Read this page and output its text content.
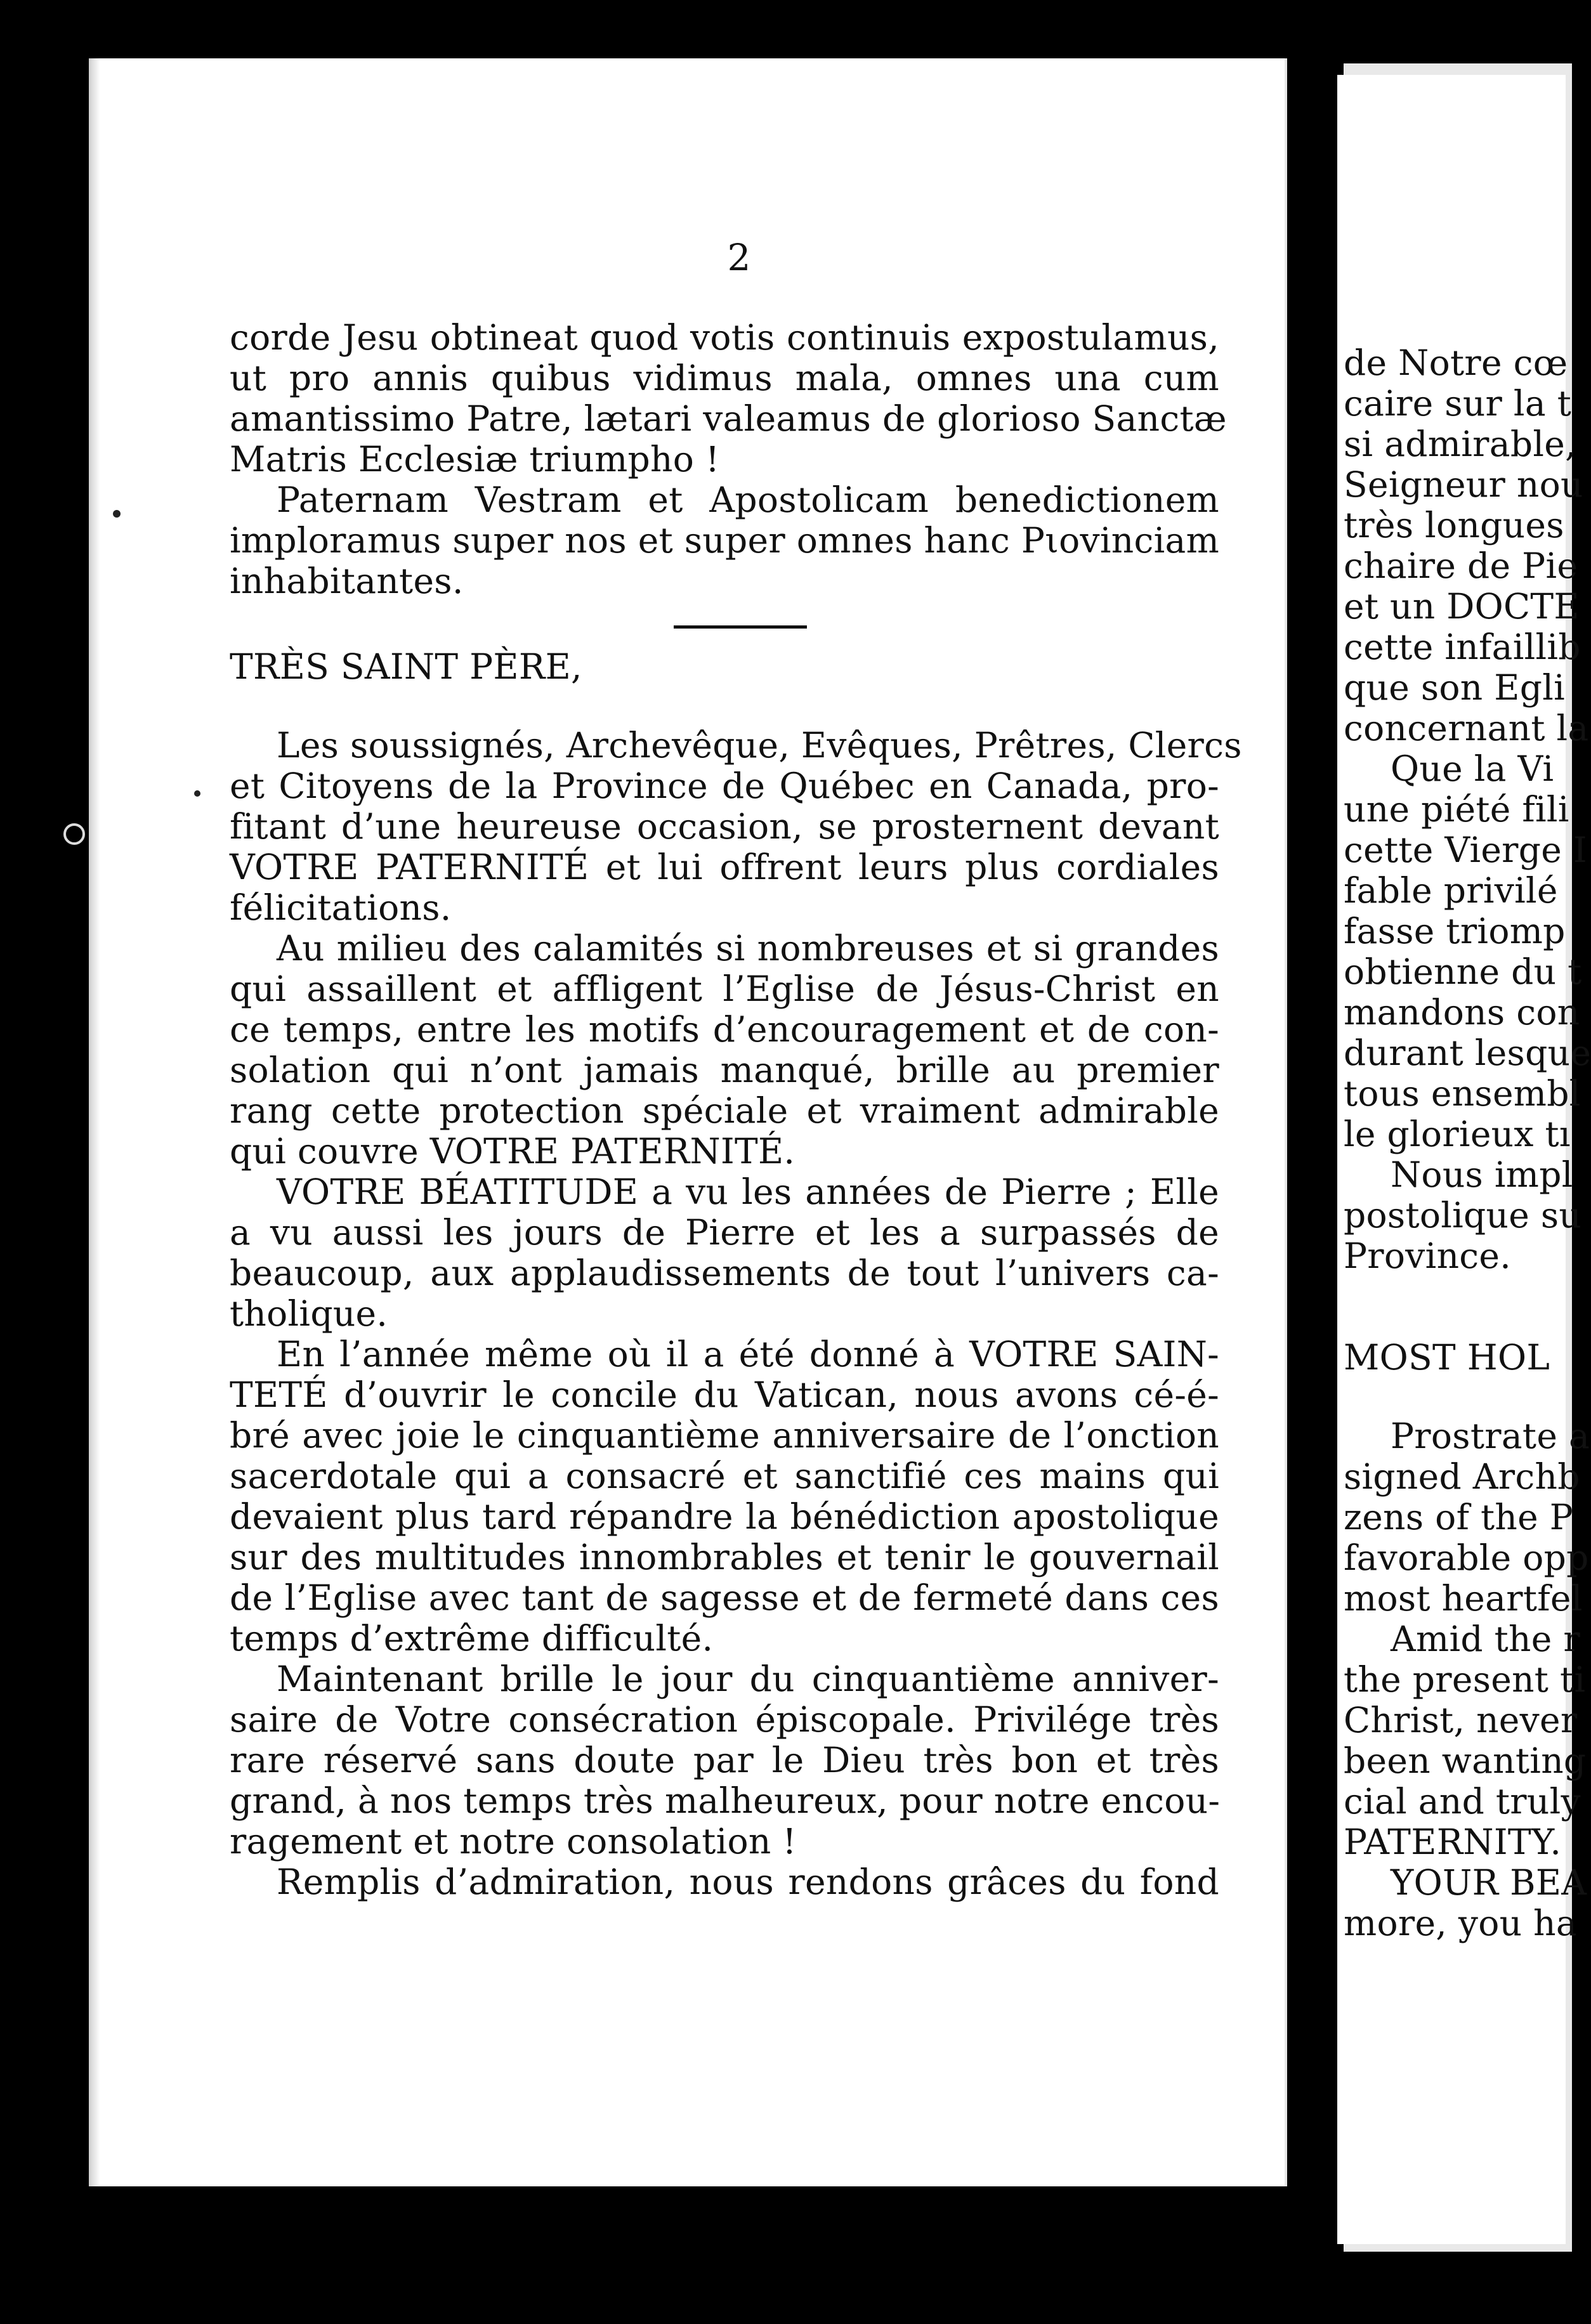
2

corde Jesu obtineat quod votis continuis expostulamus,

ut pro annis quibus vidimus mala, omnes una cum

amantissimo Patre, lætari valeamus de glorioso Sanctæ

Matris Ecclesiæ triumpho !

Paternam Vestram et Apostolicam benedictionem

imploramus super nos et super omnes hanc Pιovinciam

inhabitantes.

TRÈS SAINT PÈRE,

Les soussignés, Archevêque, Evêques, Prêtres, Clercs

et Citoyens de la Province de Québec en Canada, pro-

fitant d’une heureuse occasion, se prosternent devant

VOTRE PATERNITÉ et lui offrent leurs plus cordiales

félicitations.

Au milieu des calamités si nombreuses et si grandes

qui assaillent et affligent l’Eglise de Jésus-Christ en

ce temps, entre les motifs d’encouragement et de con-

solation qui n’ont jamais manqué, brille au premier

rang cette protection spéciale et vraiment admirable

qui couvre VOTRE PATERNITÉ.

VOTRE BÉATITUDE a vu les années de Pierre ; Elle

a vu aussi les jours de Pierre et les a surpassés de

beaucoup, aux applaudissements de tout l’univers ca-

tholique.

En l’année même où il a été donné à VOTRE SAIN-

TETÉ d’ouvrir le concile du Vatican, nous avons cé-é-

bré avec joie le cinquantième anniversaire de l’onction

sacerdotale qui a consacré et sanctifié ces mains qui

devaient plus tard répandre la bénédiction apostolique

sur des multitudes innombrables et tenir le gouvernail

de l’Eglise avec tant de sagesse et de fermeté dans ces

temps d’extrême difficulté.

Maintenant brille le jour du cinquantième anniver-

saire de Votre consécration épiscopale. Privilége très

rare réservé sans doute par le Dieu très bon et très

grand, à nos temps très malheureux, pour notre encou-

ragement et notre consolation !

Remplis d’admiration, nous rendons grâces du fond

de Notre cœ

caire sur la t

si admirable,

Seigneur nou

très longues

chaire de Pie

et un DOCTE

cette infaillib

que son Egli

concernant la

Que la Vi

une piété fili

cette Vierge I

fable privilé

fasse triomp

obtienne du t

mandons con

durant lesque

tous ensembl

le glorieux tı

Nous impl

postolique su

Province.

MOST HOL

Prostrate a

signed Archb

zens of the P

favorable opp

most heartfel

Amid the r

the present ti

Christ, never

been wanting

cial and truly

PATERNITY.

YOUR BEA

more, you ha
